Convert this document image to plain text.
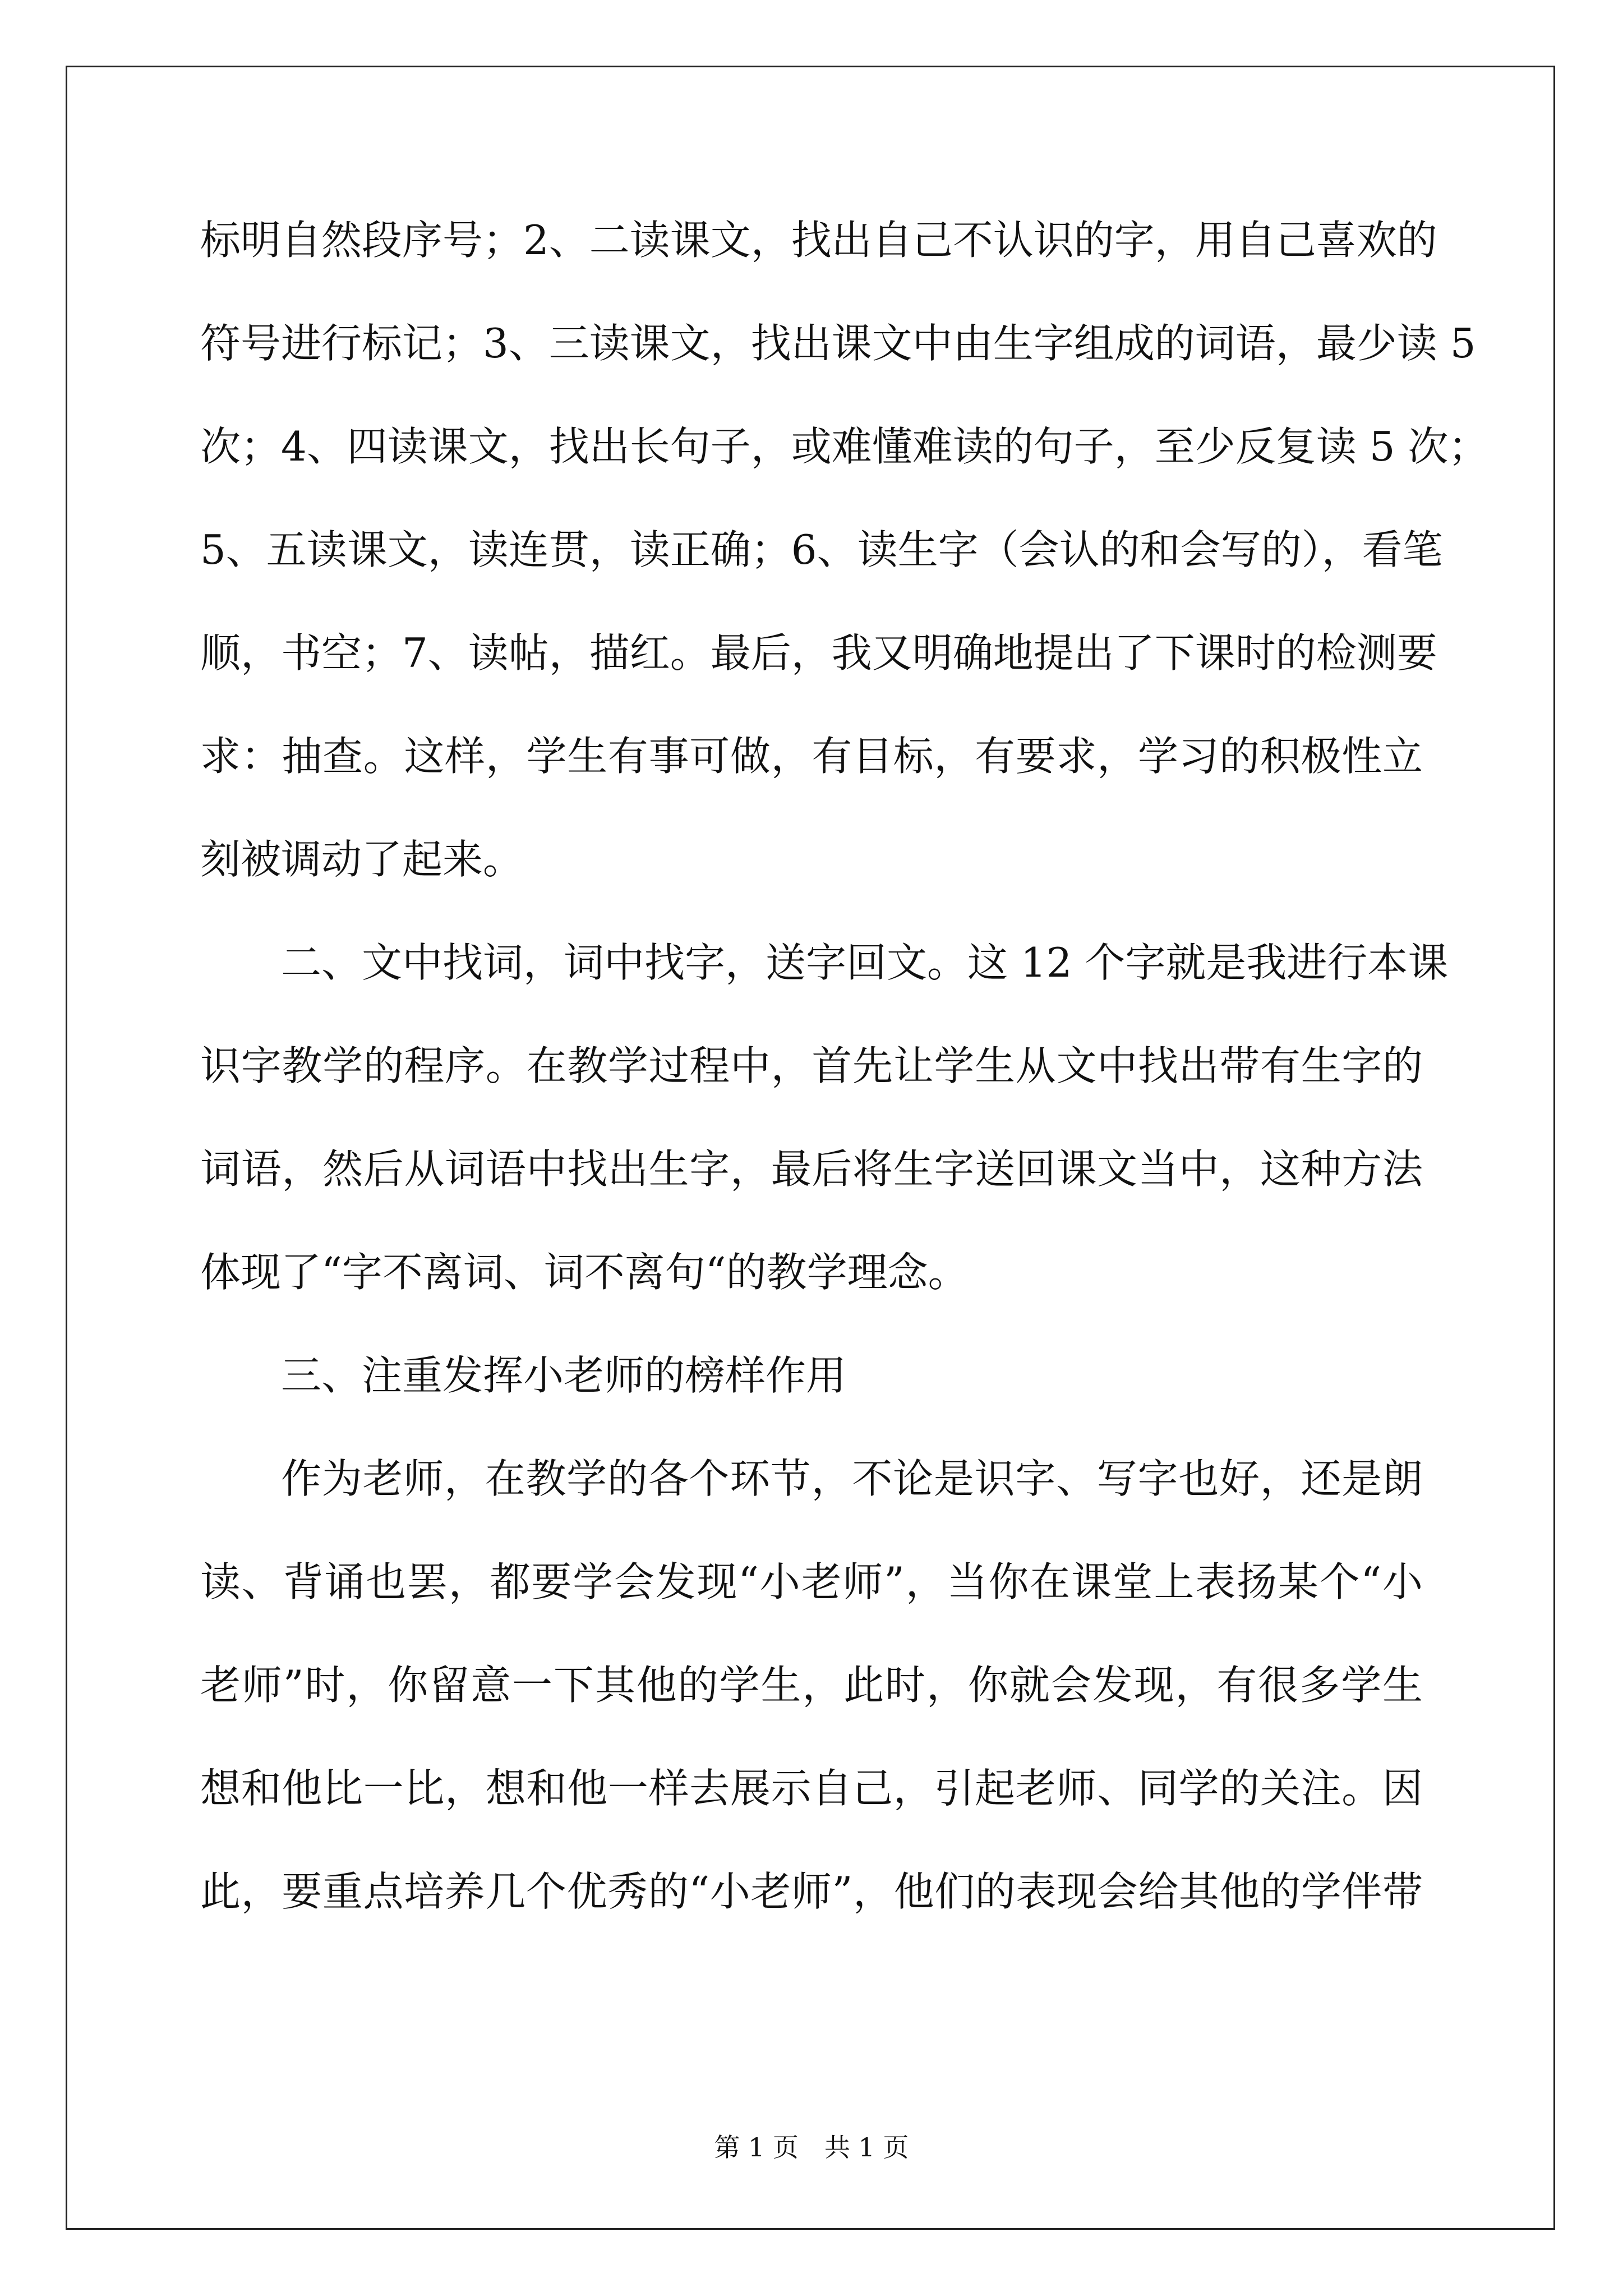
标明自然段序号；2、二读课文，找出自己不认识的字，用自己喜欢的
符号进行标记；3、三读课文，找出课文中由生字组成的词语，最少读 5
次；4、四读课文，找出长句子，或难懂难读的句子，至少反复读 5 次；
5、五读课文，读连贯，读正确；6、读生字（会认的和会写的），看笔
顺，书空；7、读帖，描红。最后，我又明确地提出了下课时的检测要
求：抽查。这样，学生有事可做，有目标，有要求，学习的积极性立
刻被调动了起来。
二、文中找词，词中找字，送字回文。这 12 个字就是我进行本课
识字教学的程序。在教学过程中，首先让学生从文中找出带有生字的
词语，然后从词语中找出生字，最后将生字送回课文当中，这种方法
体现了“字不离词、词不离句“的教学理念。
三、注重发挥小老师的榜样作用
作为老师，在教学的各个环节，不论是识字、写字也好，还是朗
读、背诵也罢，都要学会发现“小老师”，当你在课堂上表扬某个“小
老师”时，你留意一下其他的学生，此时，你就会发现，有很多学生
想和他比一比，想和他一样去展示自己，引起老师、同学的关注。因
此，要重点培养几个优秀的“小老师”，他们的表现会给其他的学伴带
第 1 页　共 1 页
